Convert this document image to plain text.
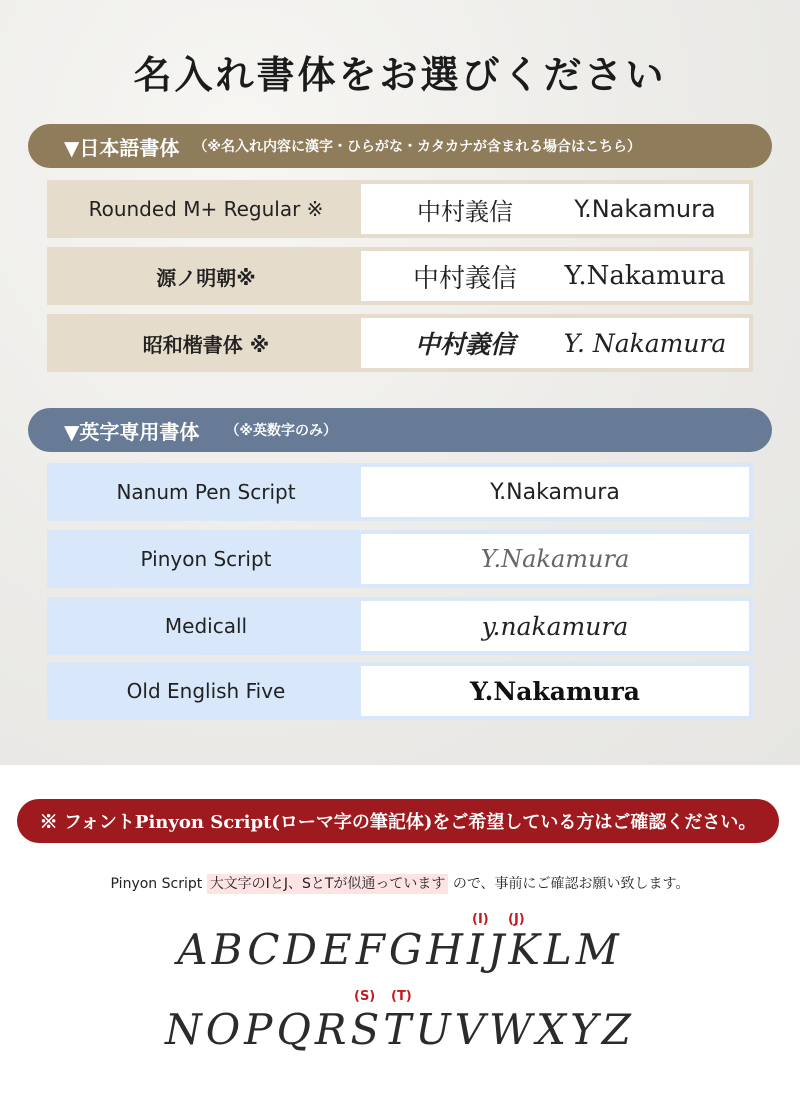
名入れ書体をお選びください
▼日本語書体 （※名入れ内容に漢字・ひらがな・カタカナが含まれる場合はこちら）
Rounded M+ Regular ※	中村義信	Y.Nakamura
源ノ明朝※	中村義信	Y.Nakamura
昭和楷書体 ※	中村義信	Y. Nakamura
▼英字専用書体 （※英数字のみ）
Nanum Pen Script	Y.Nakamura
Pinyon Script	Y.Nakamura
Medicall	y.nakamura
Old English Five	Y.Nakamura
※ フォントPinyon Script(ローマ字の筆記体)をご希望している方はご確認ください。

Pinyon Script 大文字のIとJ、SとTが似通っています ので、事前にご確認お願い致します。

(I) (J)
ABCDEFGHIJKLM
(S) (T)
NOPQRSTUVWXYZ
